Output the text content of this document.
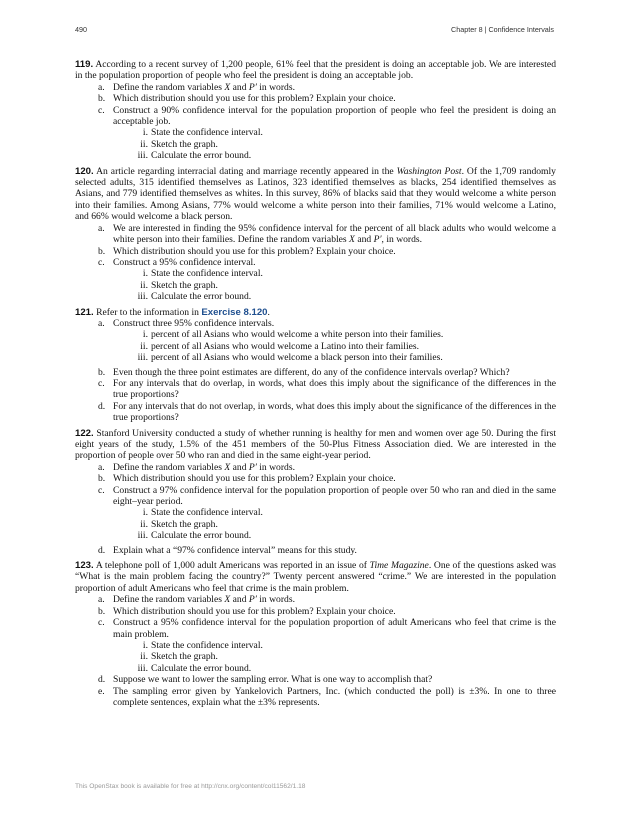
490	Chapter 8 | Confidence Intervals

119. According to a recent survey of 1,200 people, 61% feel that the president is doing an acceptable job. We are interested in the population proportion of people who feel the president is doing an acceptable job.

a. Define the random variables X and P′ in words.
b. Which distribution should you use for this problem? Explain your choice.
c. Construct a 90% confidence interval for the population proportion of people who feel the president is doing an acceptable job.
i. State the confidence interval.
ii. Sketch the graph.
iii. Calculate the error bound.

120. An article regarding interracial dating and marriage recently appeared in the Washington Post. Of the 1,709 randomly selected adults, 315 identified themselves as Latinos, 323 identified themselves as blacks, 254 identified themselves as Asians, and 779 identified themselves as whites. In this survey, 86% of blacks said that they would welcome a white person into their families. Among Asians, 77% would welcome a white person into their families, 71% would welcome a Latino, and 66% would welcome a black person.

a. We are interested in finding the 95% confidence interval for the percent of all black adults who would welcome a white person into their families. Define the random variables X and P′, in words.
b. Which distribution should you use for this problem? Explain your choice.
c. Construct a 95% confidence interval.
i. State the confidence interval.
ii. Sketch the graph.
iii. Calculate the error bound.

121. Refer to the information in Exercise 8.120.

a. Construct three 95% confidence intervals.
i. percent of all Asians who would welcome a white person into their families.
ii. percent of all Asians who would welcome a Latino into their families.
iii. percent of all Asians who would welcome a black person into their families.
b. Even though the three point estimates are different, do any of the confidence intervals overlap? Which?
c. For any intervals that do overlap, in words, what does this imply about the significance of the differences in the true proportions?
d. For any intervals that do not overlap, in words, what does this imply about the significance of the differences in the true proportions?

122. Stanford University conducted a study of whether running is healthy for men and women over age 50. During the first eight years of the study, 1.5% of the 451 members of the 50-Plus Fitness Association died. We are interested in the proportion of people over 50 who ran and died in the same eight-year period.

a. Define the random variables X and P′ in words.
b. Which distribution should you use for this problem? Explain your choice.
c. Construct a 97% confidence interval for the population proportion of people over 50 who ran and died in the same eight–year period.
i. State the confidence interval.
ii. Sketch the graph.
iii. Calculate the error bound.
d. Explain what a “97% confidence interval” means for this study.

123. A telephone poll of 1,000 adult Americans was reported in an issue of Time Magazine. One of the questions asked was “What is the main problem facing the country?” Twenty percent answered “crime.” We are interested in the population proportion of adult Americans who feel that crime is the main problem.

a. Define the random variables X and P′ in words.
b. Which distribution should you use for this problem? Explain your choice.
c. Construct a 95% confidence interval for the population proportion of adult Americans who feel that crime is the main problem.
i. State the confidence interval.
ii. Sketch the graph.
iii. Calculate the error bound.
d. Suppose we want to lower the sampling error. What is one way to accomplish that?
e. The sampling error given by Yankelovich Partners, Inc. (which conducted the poll) is ±3%. In one to three complete sentences, explain what the ±3% represents.
This OpenStax book is available for free at http://cnx.org/content/col11562/1.18
